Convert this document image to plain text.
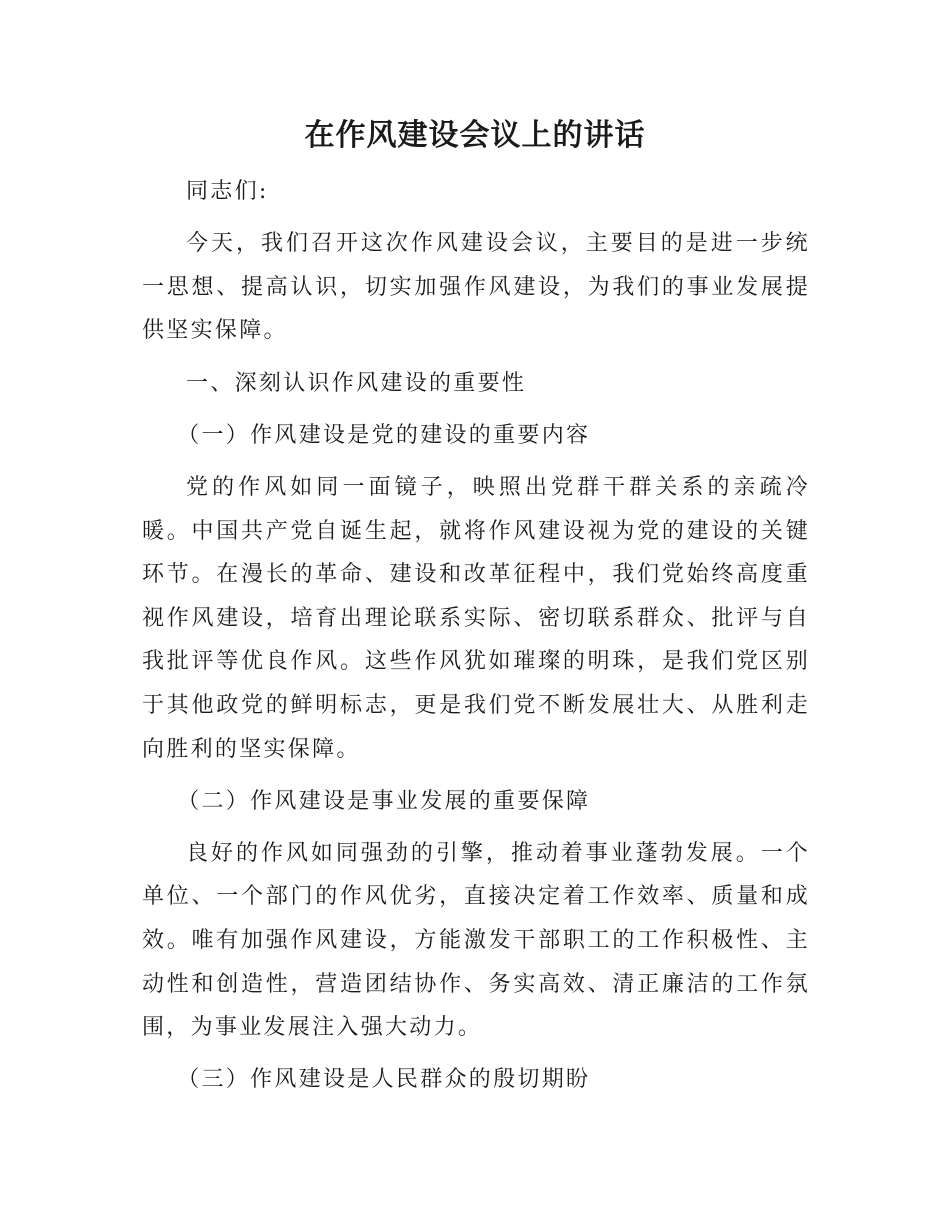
在作风建设会议上的讲话

同志们:

今天，我们召开这次作风建设会议，主要目的是进一步统一思想、提高认识，切实加强作风建设，为我们的事业发展提供坚实保障。

一、深刻认识作风建设的重要性

（一）作风建设是党的建设的重要内容

党的作风如同一面镜子，映照出党群干群关系的亲疏冷暖。中国共产党自诞生起，就将作风建设视为党的建设的关键环节。在漫长的革命、建设和改革征程中，我们党始终高度重视作风建设，培育出理论联系实际、密切联系群众、批评与自我批评等优良作风。这些作风犹如璀璨的明珠，是我们党区别于其他政党的鲜明标志，更是我们党不断发展壮大、从胜利走向胜利的坚实保障。

（二）作风建设是事业发展的重要保障

良好的作风如同强劲的引擎，推动着事业蓬勃发展。一个单位、一个部门的作风优劣，直接决定着工作效率、质量和成效。唯有加强作风建设，方能激发干部职工的工作积极性、主动性和创造性，营造团结协作、务实高效、清正廉洁的工作氛围，为事业发展注入强大动力。

（三）作风建设是人民群众的殷切期盼
